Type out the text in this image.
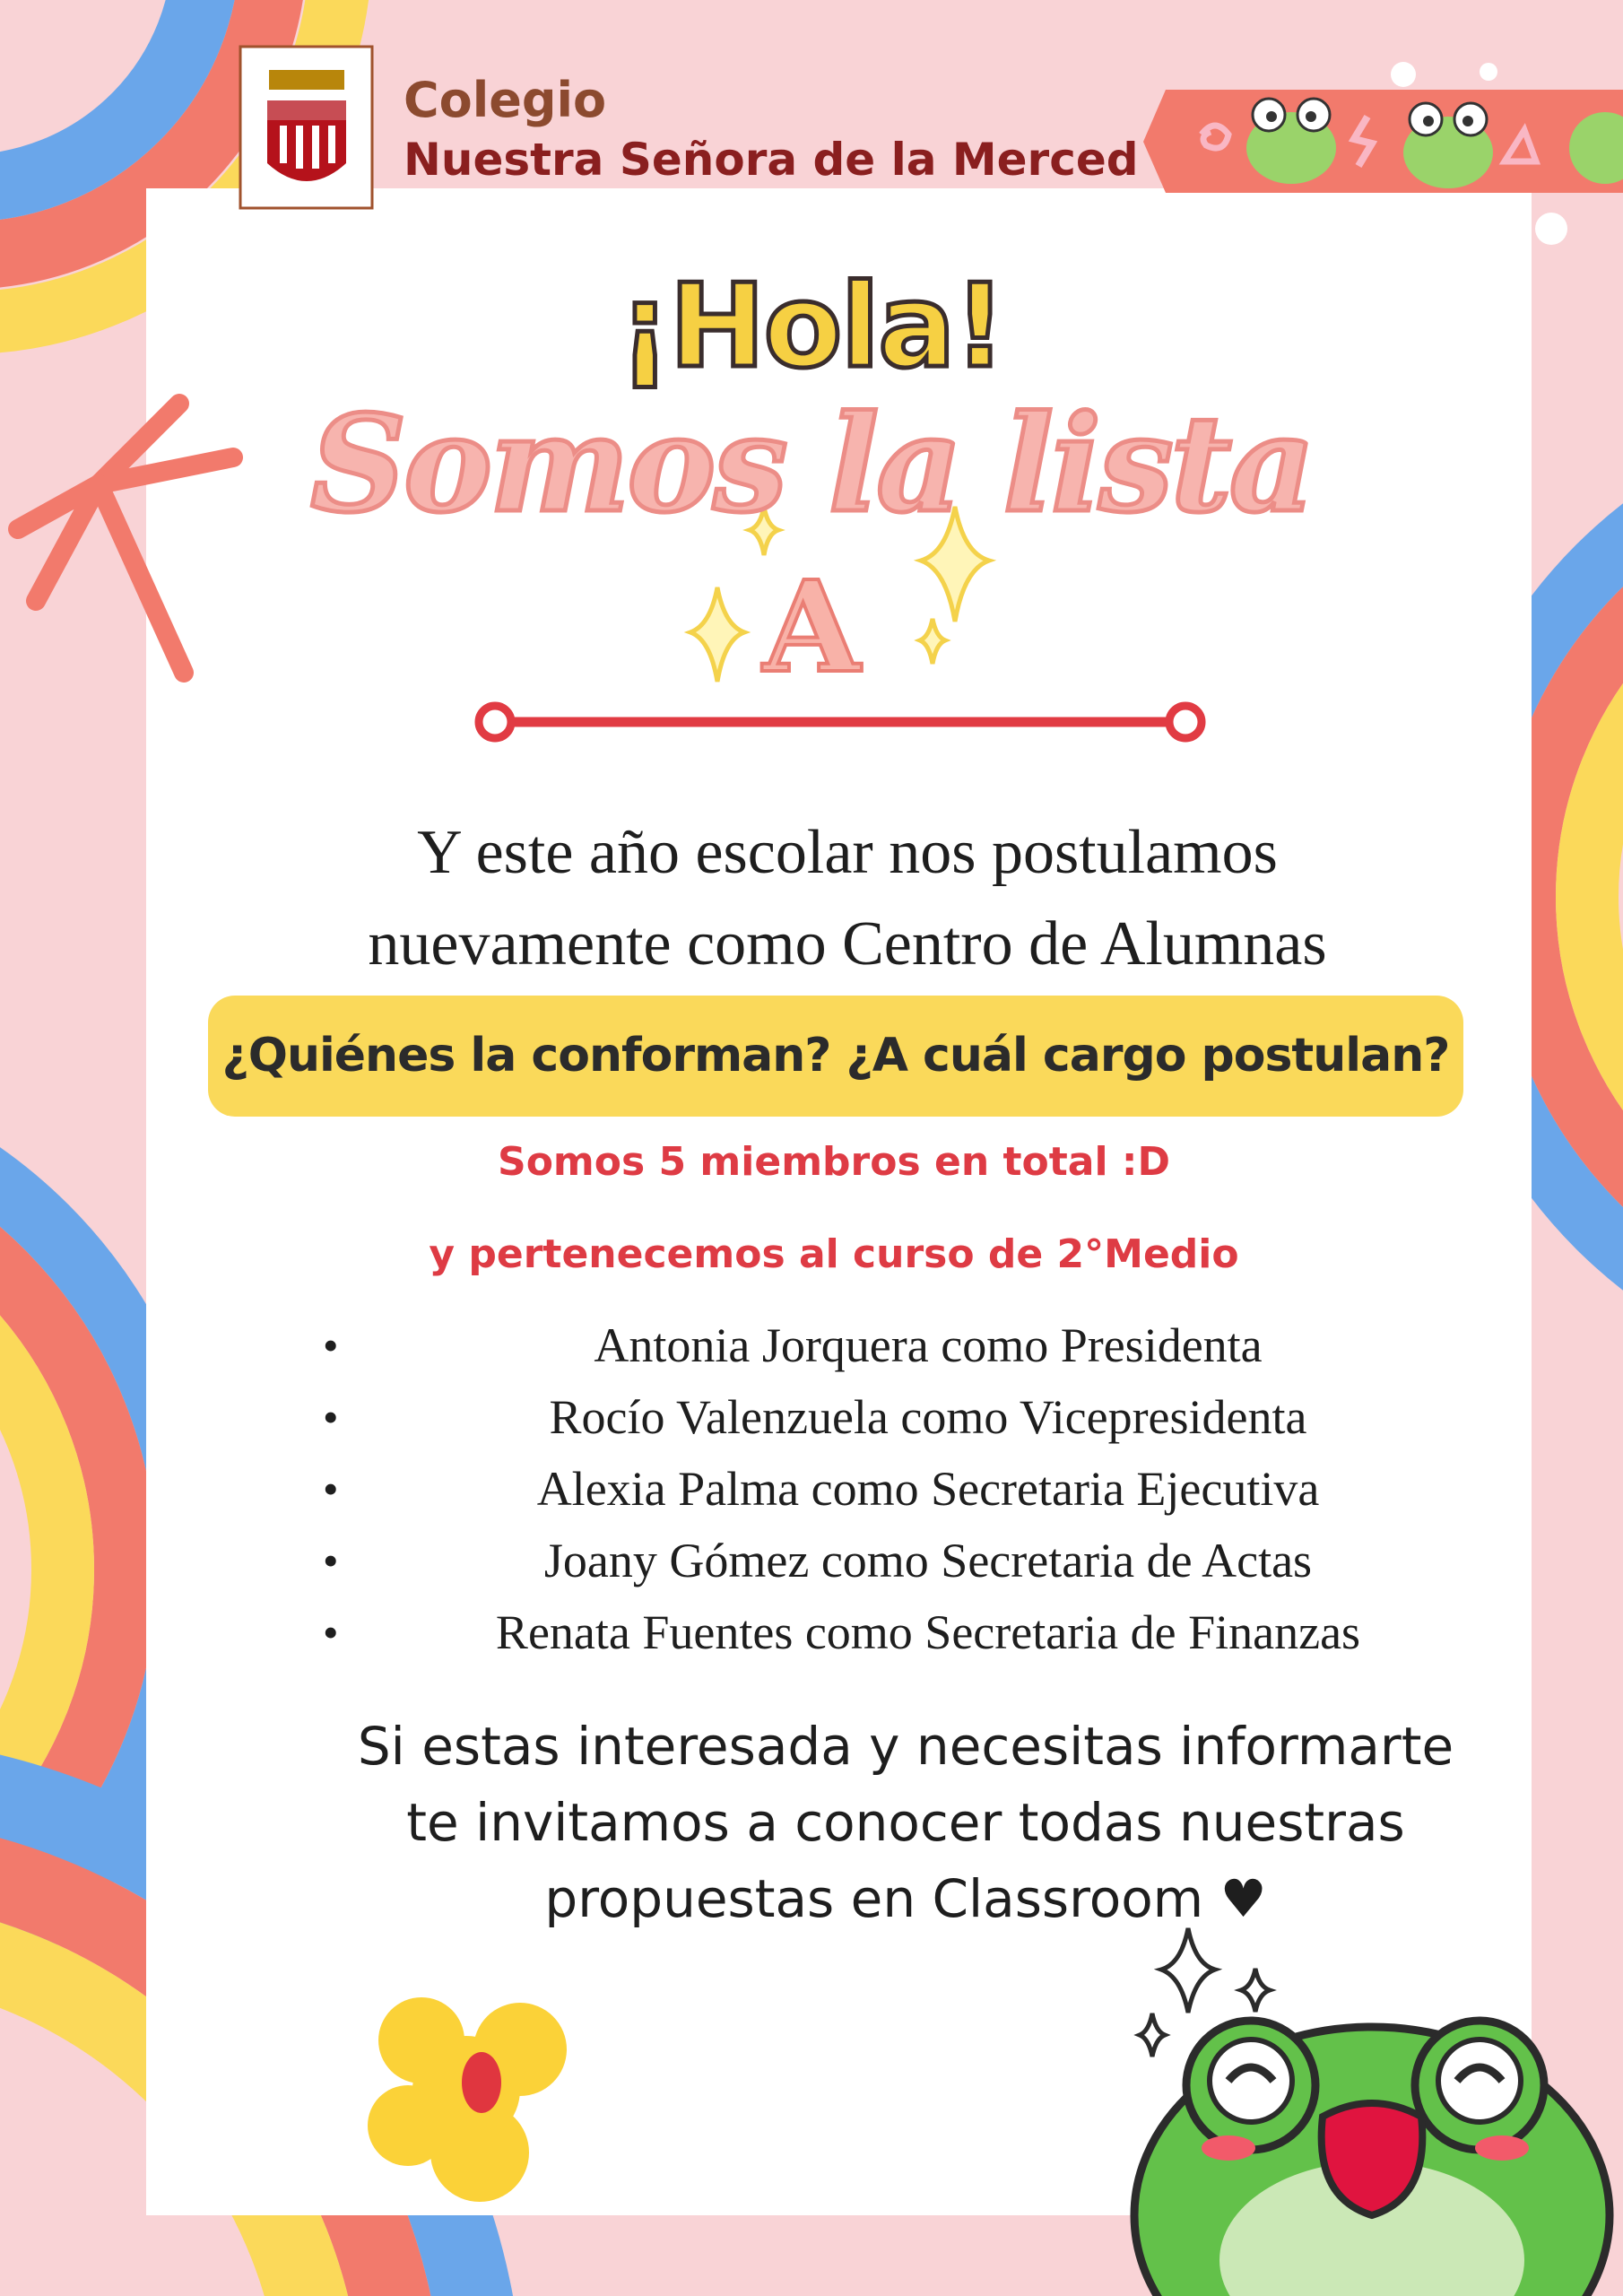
Colegio
Nuestra Señora de la Merced
¡Hola!
Somos la lista
A
Y este año escolar nos postulamos
nuevamente como Centro de Alumnas
¿Quiénes la conforman? ¿A cuál cargo postulan?
Somos 5 miembros en total :D
y pertenecemos al curso de 2°Medio
•	Antonia Jorquera como Presidenta
•	Rocío Valenzuela como Vicepresidenta
•	Alexia Palma como Secretaria Ejecutiva
•	Joany Gómez como Secretaria de Actas
•	Renata Fuentes como Secretaria de Finanzas
Si estas interesada y necesitas informarte
te invitamos a conocer todas nuestras
propuestas en Classroom ♥
